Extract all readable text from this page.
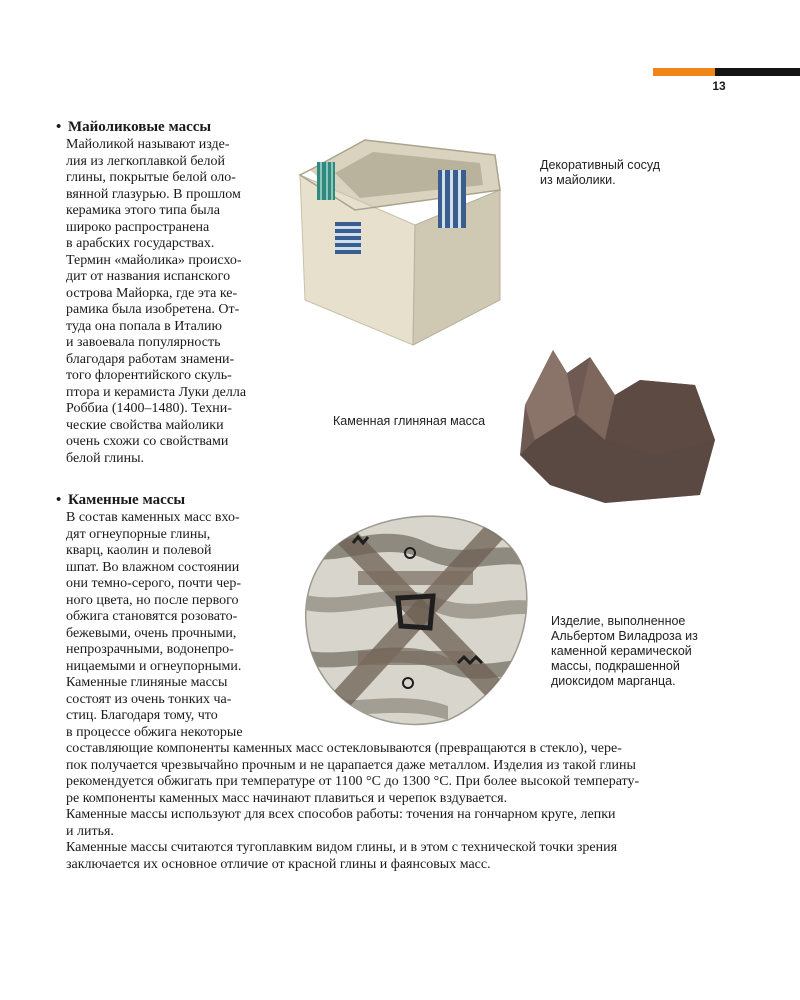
13
• Майоликовые массы
Майоликой называют изде-
лия из легкоплавкой белой
глины, покрытые белой оло-
вянной глазурью. В прошлом
керамика этого типа была
широко распространена
в арабских государствах.
Термин «майолика» происхо-
дит от названия испанского
острова Майорка, где эта ке-
рамика была изобретена. От-
туда она попала в Италию
и завоевала популярность
благодаря работам знамени-
того флорентийского скуль-
птора и керамиста Луки делла
Роббиа (1400–1480). Техни-
ческие свойства майолики
очень схожи со свойствами
белой глины.
• Каменные массы
В состав каменных масс вхо-
дят огнеупорные глины,
кварц, каолин и полевой
шпат. Во влажном состоянии
они темно-серого, почти чер-
ного цвета, но после первого
обжига становятся розовато-
бежевыми, очень прочными,
непрозрачными, водонепро-
ницаемыми и огнеупорными.
Каменные глиняные массы
состоят из очень тонких ча-
стиц. Благодаря тому, что
в процессе обжига некоторые
составляющие компоненты каменных масс остекловываются (превращаются в стекло), чере-
пок получается чрезвычайно прочным и не царапается даже металлом. Изделия из такой глины
рекомендуется обжигать при температуре от 1100 °С до 1300 °С. При более высокой температу-
ре компоненты каменных масс начинают плавиться и черепок вздувается.
Каменные массы используют для всех способов работы: точения на гончарном круге, лепки
и литья.
Каменные массы считаются тугоплавким видом глины, и в этом с технической точки зрения
заключается их основное отличие от красной глины и фаянсовых масс.
Декоративный сосуд
из майолики.
Каменная глиняная масса
Изделие, выполненное
Альбертом Виладроза из
каменной керамической
массы, подкрашенной
диоксидом марганца.
